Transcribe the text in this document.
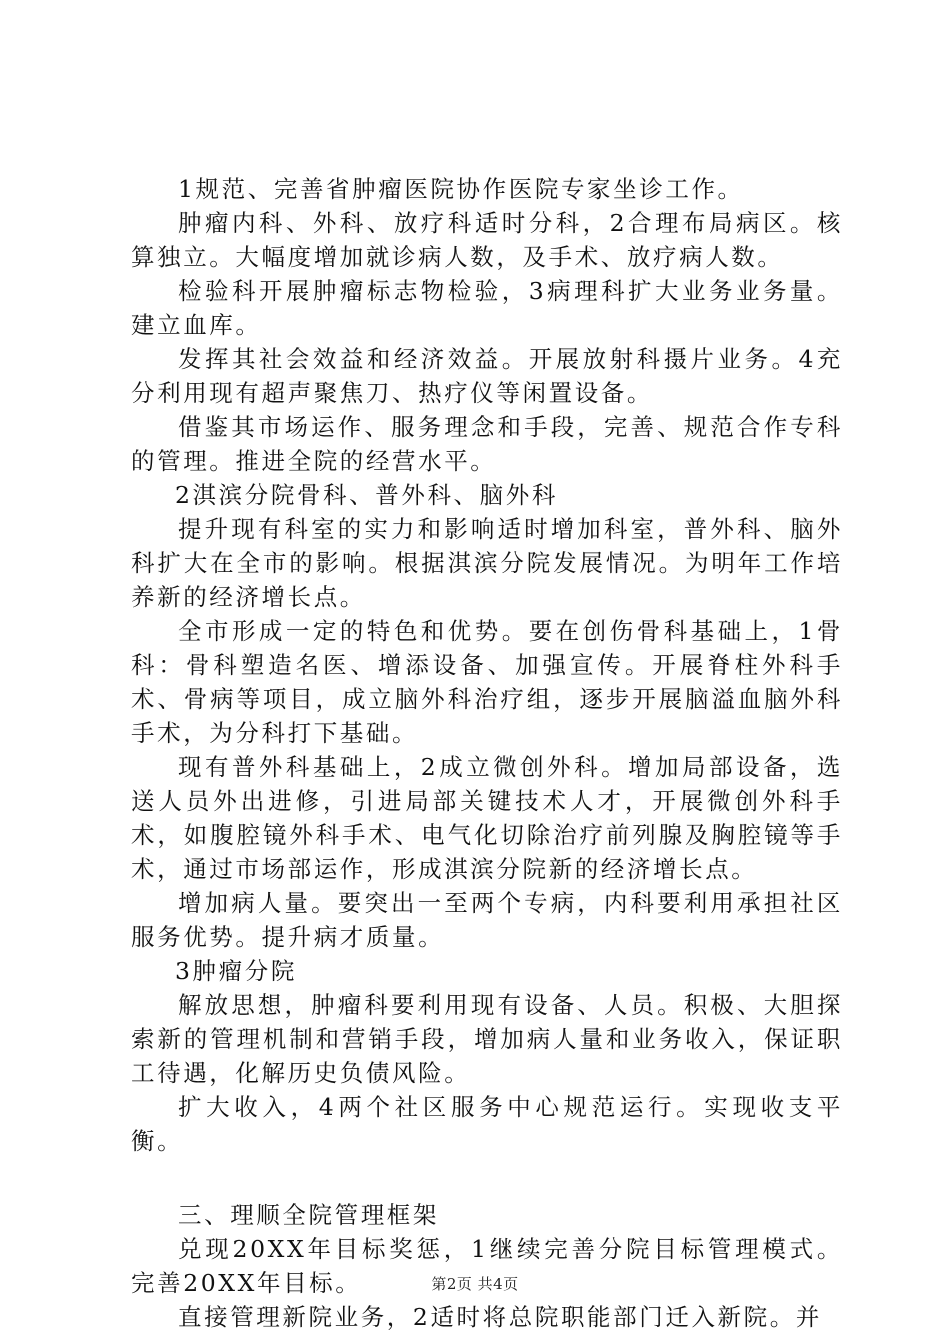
1规范、完善省肿瘤医院协作医院专家坐诊工作。

肿瘤内科、外科、放疗科适时分科，2合理布局病区。核算独立。大幅度增加就诊病人数，及手术、放疗病人数。

检验科开展肿瘤标志物检验，3病理科扩大业务业务量。建立血库。

发挥其社会效益和经济效益。开展放射科摄片业务。4充分利用现有超声聚焦刀、热疗仪等闲置设备。

借鉴其市场运作、服务理念和手段，完善、规范合作专科的管理。推进全院的经营水平。

2淇滨分院骨科、普外科、脑外科

提升现有科室的实力和影响适时增加科室，普外科、脑外科扩大在全市的影响。根据淇滨分院发展情况。为明年工作培养新的经济增长点。

全市形成一定的特色和优势。要在创伤骨科基础上，1骨科：骨科塑造名医、增添设备、加强宣传。开展脊柱外科手术、骨病等项目，成立脑外科治疗组，逐步开展脑溢血脑外科手术，为分科打下基础。

现有普外科基础上，2成立微创外科。增加局部设备，选送人员外出进修，引进局部关键技术人才，开展微创外科手术，如腹腔镜外科手术、电气化切除治疗前列腺及胸腔镜等手术，通过市场部运作，形成淇滨分院新的经济增长点。

增加病人量。要突出一至两个专病，内科要利用承担社区服务优势。提升病才质量。

3肿瘤分院

解放思想，肿瘤科要利用现有设备、人员。积极、大胆探索新的管理机制和营销手段，增加病人量和业务收入，保证职工待遇，化解历史负债风险。

扩大收入，4两个社区服务中心规范运行。实现收支平衡。

三、理顺全院管理框架

兑现20XX年目标奖惩，1继续完善分院目标管理模式。完善20XX年目标。

直接管理新院业务，2适时将总院职能部门迁入新院。并

第2页 共4页
